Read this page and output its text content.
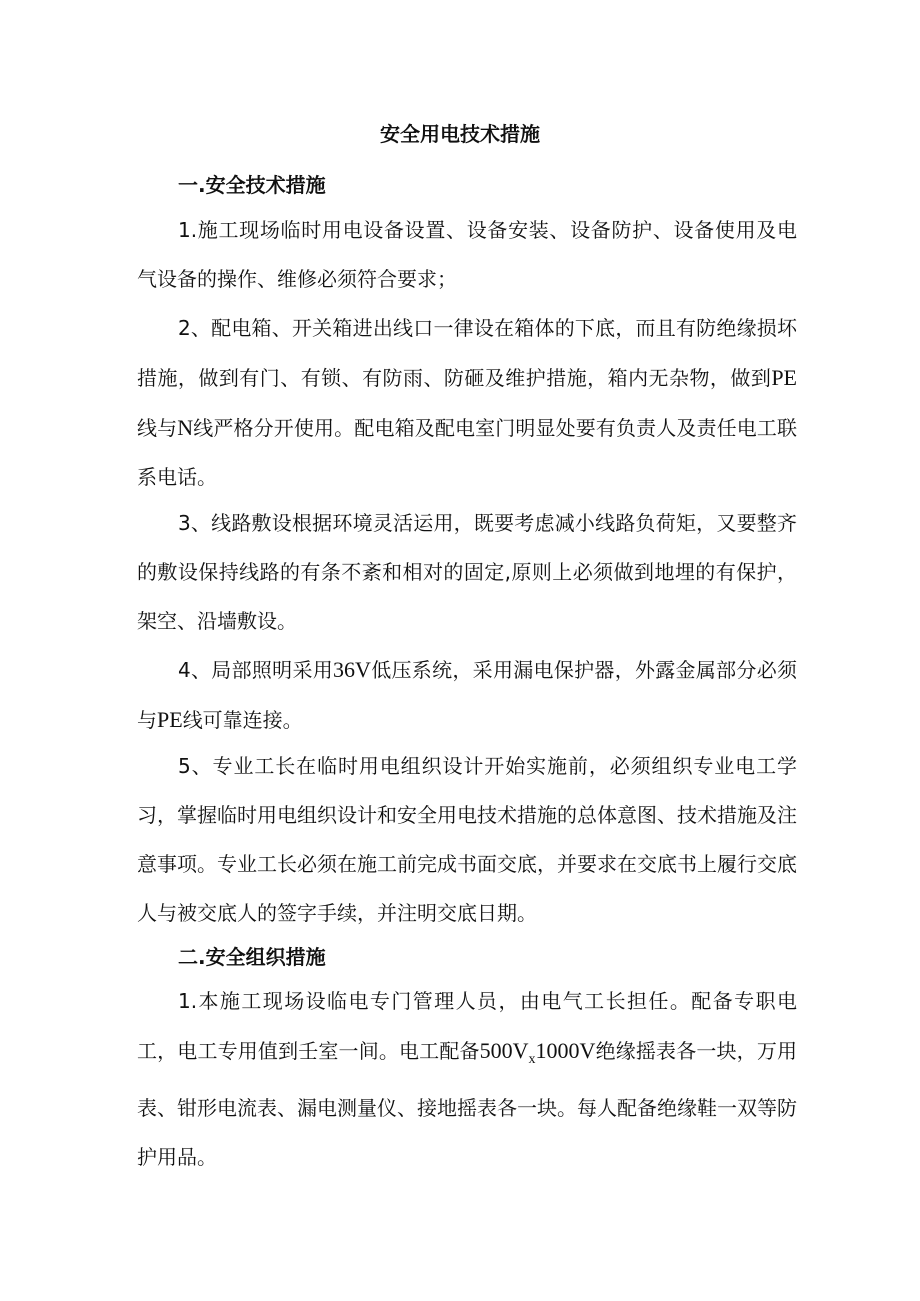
安全用电技术措施
一.安全技术措施
1.施工现场临时用电设备设置、设备安装、设备防护、设备使用及电气设备的操作、维修必须符合要求；
2、配电箱、开关箱进出线口一律设在箱体的下底，而且有防绝缘损坏措施，做到有门、有锁、有防雨、防砸及维护措施，箱内无杂物，做到PE线与N线严格分开使用。配电箱及配电室门明显处要有负责人及责任电工联系电话。
3、线路敷设根据环境灵活运用，既要考虑减小线路负荷矩，又要整齐的敷设保持线路的有条不紊和相对的固定,原则上必须做到地埋的有保护，架空、沿墙敷设。
4、局部照明采用36V低压系统，采用漏电保护器，外露金属部分必须与PE线可靠连接。
5、专业工长在临时用电组织设计开始实施前，必须组织专业电工学习，掌握临时用电组织设计和安全用电技术措施的总体意图、技术措施及注意事项。专业工长必须在施工前完成书面交底，并要求在交底书上履行交底人与被交底人的签字手续，并注明交底日期。
二.安全组织措施
1.本施工现场设临电专门管理人员，由电气工长担任。配备专职电工，电工专用值到壬室一间。电工配备$500V_x1000V$绝缘摇表各一块，万用表、钳形电流表、漏电测量仪、接地摇表各一块。每人配备绝缘鞋一双等防护用品。
